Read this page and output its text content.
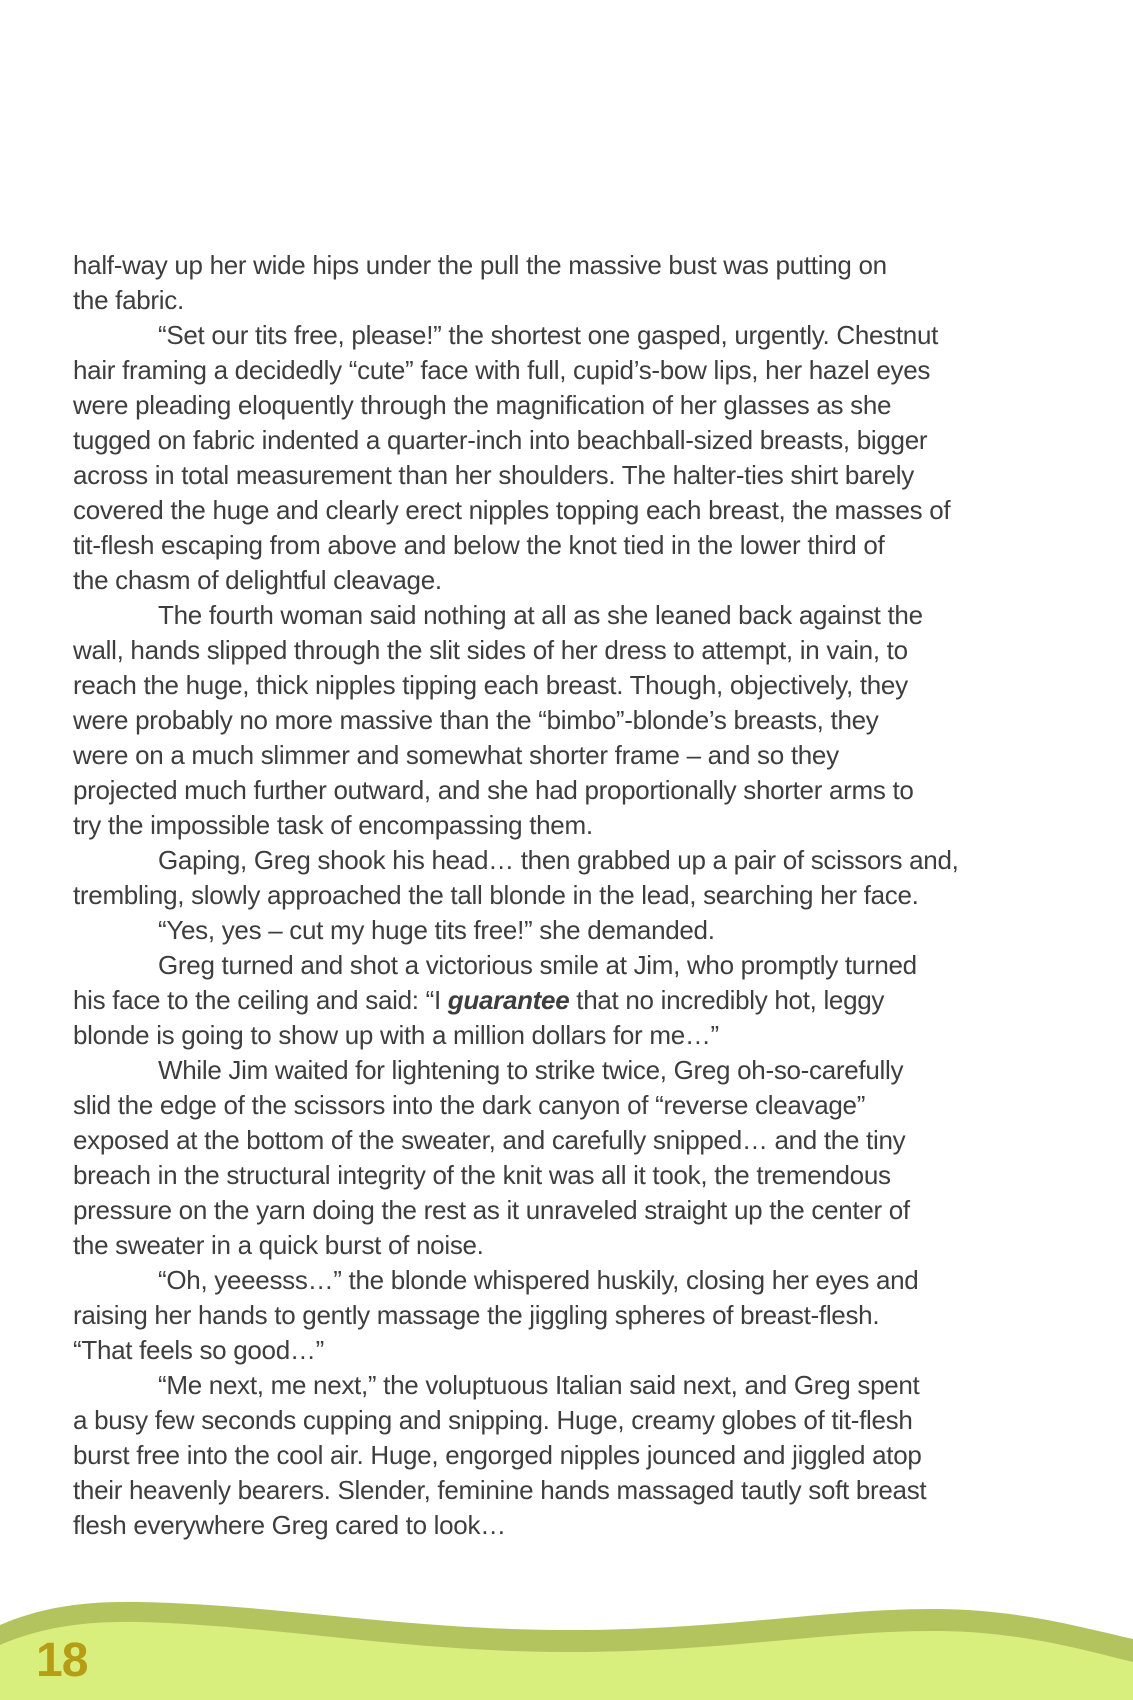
half-way up her wide hips under the pull the massive bust was putting on
the fabric.
“Set our tits free, please!” the shortest one gasped, urgently. Chestnut
hair framing a decidedly “cute” face with full, cupid’s-bow lips, her hazel eyes
were pleading eloquently through the magnification of her glasses as she
tugged on fabric indented a quarter-inch into beachball-sized breasts, bigger
across in total measurement than her shoulders. The halter-ties shirt barely
covered the huge and clearly erect nipples topping each breast, the masses of
tit-flesh escaping from above and below the knot tied in the lower third of
the chasm of delightful cleavage.
The fourth woman said nothing at all as she leaned back against the
wall, hands slipped through the slit sides of her dress to attempt, in vain, to
reach the huge, thick nipples tipping each breast. Though, objectively, they
were probably no more massive than the “bimbo”-blonde’s breasts, they
were on a much slimmer and somewhat shorter frame – and so they
projected much further outward, and she had proportionally shorter arms to
try the impossible task of encompassing them.
Gaping, Greg shook his head… then grabbed up a pair of scissors and,
trembling, slowly approached the tall blonde in the lead, searching her face.
“Yes, yes – cut my huge tits free!” she demanded.
Greg turned and shot a victorious smile at Jim, who promptly turned
his face to the ceiling and said: “I guarantee that no incredibly hot, leggy
blonde is going to show up with a million dollars for me…”
While Jim waited for lightening to strike twice, Greg oh-so-carefully
slid the edge of the scissors into the dark canyon of “reverse cleavage”
exposed at the bottom of the sweater, and carefully snipped… and the tiny
breach in the structural integrity of the knit was all it took, the tremendous
pressure on the yarn doing the rest as it unraveled straight up the center of
the sweater in a quick burst of noise.
“Oh, yeeesss…” the blonde whispered huskily, closing her eyes and
raising her hands to gently massage the jiggling spheres of breast-flesh.
“That feels so good…”
“Me next, me next,” the voluptuous Italian said next, and Greg spent
a busy few seconds cupping and snipping. Huge, creamy globes of tit-flesh
burst free into the cool air. Huge, engorged nipples jounced and jiggled atop
their heavenly bearers. Slender, feminine hands massaged tautly soft breast
flesh everywhere Greg cared to look…
18
